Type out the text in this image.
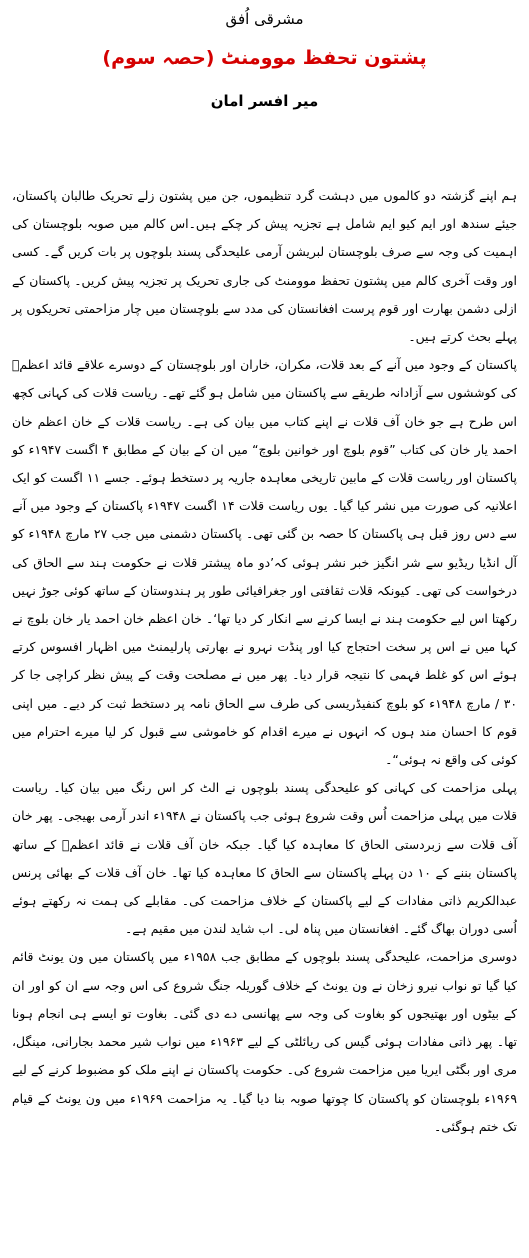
مشرقی اُفق
پشتون تحفظ موومنٹ (حصہ سوم)
میر افسر امان

ہم اپنے گزشتہ دو کالموں میں دہشت گرد تنظیموں، جن میں پشتون زلے تحریک طالبان پاکستان، جیئے سندھ اور ایم کیو ایم شامل ہے تجزیہ پیش کر چکے ہیں۔اس کالم میں صوبہ بلوچستان کی اہمیت کی وجہ سے صرف بلوچستان لبریشن آرمی علیحدگی پسند بلوچوں پر بات کریں گے۔ کسی اور وقت آخری کالم میں پشتون تحفظ موومنٹ کی جاری تحریک پر تجزیہ پیش کریں۔ پاکستان کے ازلی دشمن بھارت اور قوم پرست افغانستان کی مدد سے بلوچستان میں چار مزاحمتی تحریکوں پر پہلے بحث کرتے ہیں۔

پاکستان کے وجود میں آنے کے بعد قلات، مکران، خاران اور بلوچستان کے دوسرے علاقے قائد اعظمؒ کی کوششوں سے آزادانہ طریقے سے پاکستان میں شامل ہو گئے تھے۔ ریاست قلات کی کہانی کچھ اس طرح ہے جو خان آف قلات نے اپنے کتاب میں بیان کی ہے۔ ریاست قلات کے خان اعظم خان احمد یار خان کی کتاب ”قوم بلوچ اور خوانین بلوچ“ میں ان کے بیان کے مطابق ۴ اگست ۱۹۴۷ء کو پاکستان اور ریاست قلات کے مابین تاریخی معاہدہ جاریہ پر دستخط ہوئے۔ جسے ۱۱ اگست کو ایک اعلانیہ کی صورت میں نشر کیا گیا۔ یوں ریاست قلات ۱۴ اگست ۱۹۴۷ء پاکستان کے وجود میں آنے سے دس روز قبل ہی پاکستان کا حصہ بن گئی تھی۔ پاکستان دشمنی میں جب ۲۷ مارچ ۱۹۴۸ء کو آل انڈیا ریڈیو سے شر انگیز خبر نشر ہوئی کہ’دو ماہ پیشتر قلات نے حکومت ہند سے الحاق کی درخواست کی تھی۔ کیونکہ قلات ثقافتی اور جغرافیائی طور پر ہندوستان کے ساتھ کوئی جوڑ نہیں رکھتا اس لیے حکومت ہند نے ایسا کرنے سے انکار کر دیا تھا‘۔ خان اعظم خان احمد یار خان بلوچ نے کہا میں نے اس پر سخت احتجاج کیا اور پنڈت نہرو نے بھارتی پارلیمنٹ میں اظہار افسوس کرتے ہوئے اس کو غلط فہمی کا نتیجہ قرار دیا۔ پھر میں نے مصلحت وقت کے پیش نظر کراچی جا کر ۳۰ / مارچ ۱۹۴۸ء کو بلوچ کنفیڈریسی کی طرف سے الحاق نامہ پر دستخط ثبت کر دیے۔ میں اپنی قوم کا احسان مند ہوں کہ انہوں نے میرے اقدام کو خاموشی سے قبول کر لیا میرے احترام میں کوئی کی واقع نہ ہوئی“۔

پہلی مزاحمت کی کہانی کو علیحدگی پسند بلوچوں نے الٹ کر اس رنگ میں بیان کیا۔ ریاست قلات میں پہلی مزاحمت اُس وقت شروع ہوئی جب پاکستان نے ۱۹۴۸ء اندر آرمی بھیجی۔ پھر خان آف قلات سے زبردستی الحاق کا معاہدہ کیا گیا۔ جبکہ خان آف قلات نے قائد اعظمؒ کے ساتھ پاکستان بننے کے ۱۰ دن پہلے پاکستان سے الحاق کا معاہدہ کیا تھا۔ خان آف قلات کے بھائی پرنس عبدالکریم ذاتی مفادات کے لیے پاکستان کے خلاف مزاحمت کی۔ مقابلے کی ہمت نہ رکھتے ہوئے اُسی دوران بھاگ گئے۔ افغانستان میں پناہ لی۔ اب شاید لندن میں مقیم ہے۔

دوسری مزاحمت، علیحدگی پسند بلوچوں کے مطابق جب ۱۹۵۸ء میں پاکستان میں ون یونٹ قائم کیا گیا تو نواب نیرو زخان نے ون یونٹ کے خلاف گوریلہ جنگ شروع کی اس وجہ سے ان کو اور ان کے بیٹوں اور بھتیجوں کو بغاوت کی وجہ سے پھانسی دے دی گئی۔ بغاوت تو ایسے ہی انجام ہونا تھا۔ پھر ذاتی مفادات ہوئی گیس کی ریائلٹی کے لیے ۱۹۶۳ء میں نواب شیر محمد بجارانی، مینگل، مری اور بگٹی ایریا میں مزاحمت شروع کی۔ حکومت پاکستان نے اپنے ملک کو مضبوط کرنے کے لیے ۱۹۶۹ء بلوچستان کو پاکستان کا چوتھا صوبہ بنا دیا گیا۔ یہ مزاحمت ۱۹۶۹ء میں ون یونٹ کے قیام تک ختم ہوگئی۔
